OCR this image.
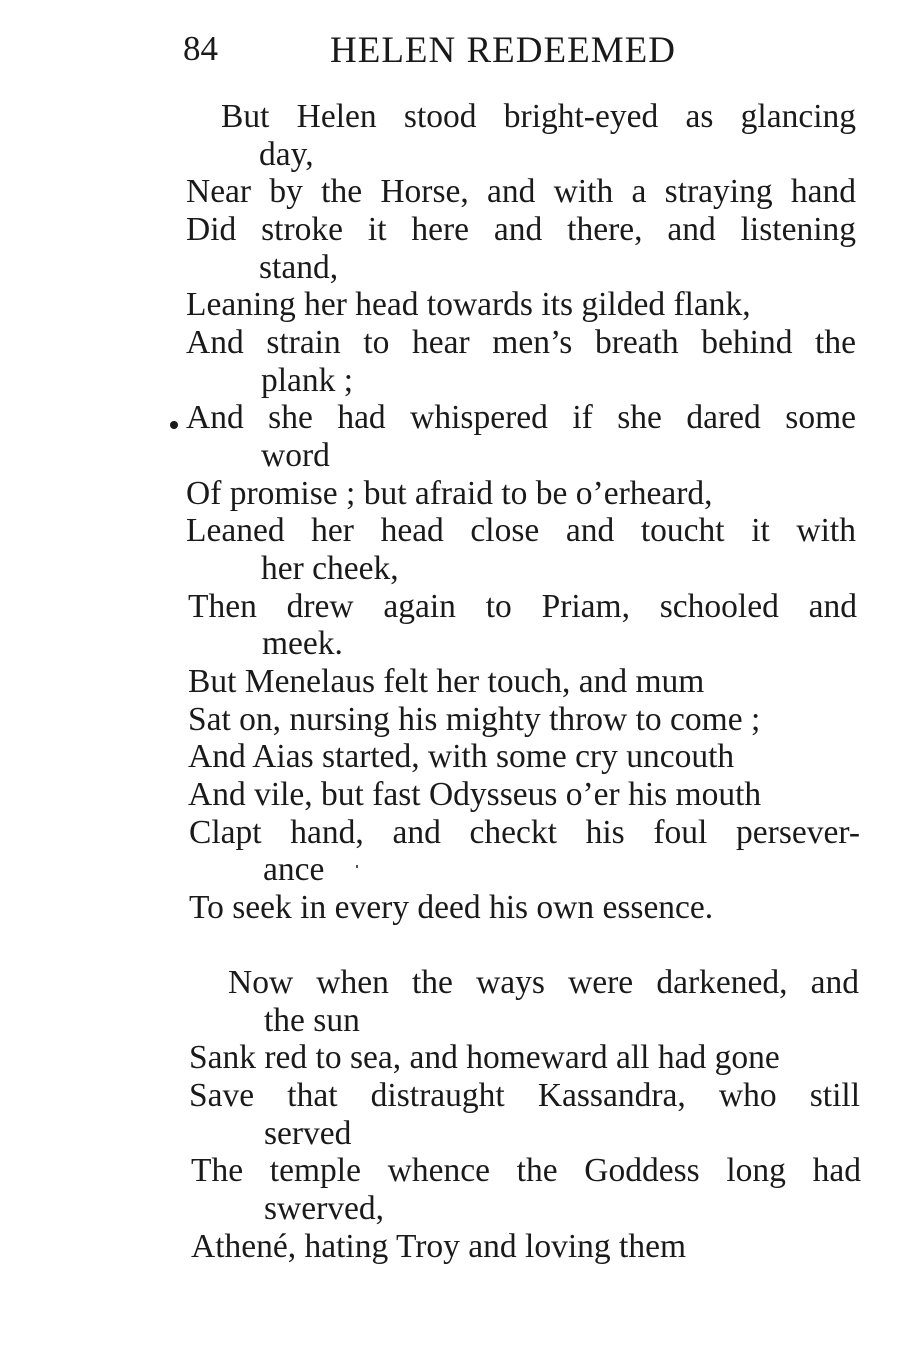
84	HELEN REDEEMED
But Helen stood bright-eyed as glancing
day,
Near by the Horse, and with a straying hand
Did stroke it here and there, and listening
stand,
Leaning her head towards its gilded flank,
And strain to hear men’s breath behind the
plank ;
And she had whispered if she dared some
word
Of promise ; but afraid to be o’erheard,
Leaned her head close and toucht it with
her cheek,
Then drew again to Priam, schooled and
meek.
But Menelaus felt her touch, and mum
Sat on, nursing his mighty throw to come ;
And Aias started, with some cry uncouth
And vile, but fast Odysseus o’er his mouth
Clapt hand, and checkt his foul persever-
ance
To seek in every deed his own essence.
Now when the ways were darkened, and
the sun
Sank red to sea, and homeward all had gone
Save that distraught Kassandra, who still
served
The temple whence the Goddess long had
swerved,
Athené, hating Troy and loving them
